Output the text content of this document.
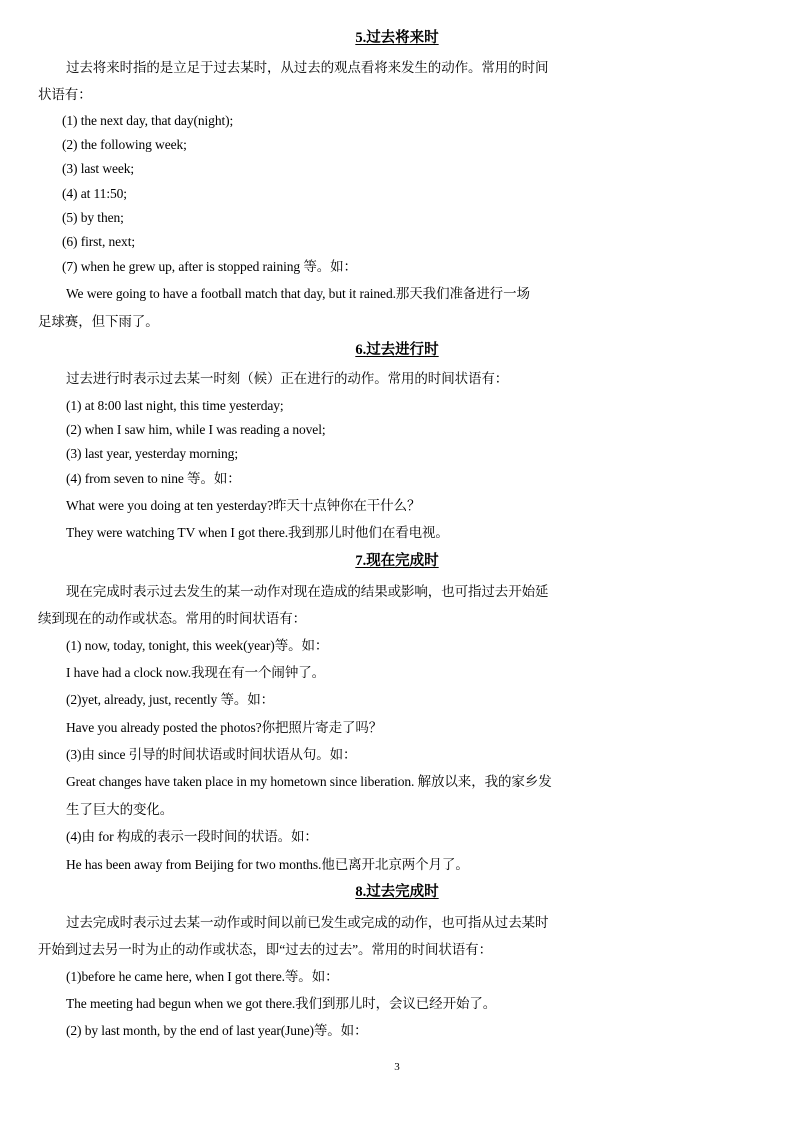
5.过去将来时
过去将来时指的是立足于过去某时，从过去的观点看将来发生的动作。常用的时间
状语有：
(1) the next day, that day(night);
(2) the following week;
(3) last week;
(4) at 11:50;
(5) by then;
(6) first, next;
(7) when he grew up, after is stopped raining 等。如：
We were going to have a football match that day, but it rained.那天我们准备进行一场
足球赛，但下雨了。
6.过去进行时
过去进行时表示过去某一时刻（候）正在进行的动作。常用的时间状语有：
(1) at 8:00 last night, this time yesterday;
(2) when I saw him, while I was reading a novel;
(3) last year, yesterday morning;
(4) from seven to nine 等。如：
What were you doing at ten yesterday?昨天十点钟你在干什么？
They were watching TV when I got there.我到那儿时他们在看电视。
7.现在完成时
现在完成时表示过去发生的某一动作对现在造成的结果或影响，也可指过去开始延
续到现在的动作或状态。常用的时间状语有：
(1) now, today, tonight, this week(year)等。如：
I have had a clock now.我现在有一个闹钟了。
(2)yet, already, just, recently 等。如：
Have you already posted the photos?你把照片寄走了吗？
(3)由 since 引导的时间状语或时间状语从句。如：
Great changes have taken place in my hometown since liberation. 解放以来，我的家乡发
生了巨大的变化。
(4)由 for 构成的表示一段时间的状语。如：
He has been away from Beijing for two months.他已离开北京两个月了。
8.过去完成时
过去完成时表示过去某一动作或时间以前已发生或完成的动作，也可指从过去某时
开始到过去另一时为止的动作或状态，即“过去的过去”。常用的时间状语有：
(1)before he came here, when I got there.等。如：
The meeting had begun when we got there.我们到那儿时，会议已经开始了。
(2) by last month, by the end of last year(June)等。如：
3
